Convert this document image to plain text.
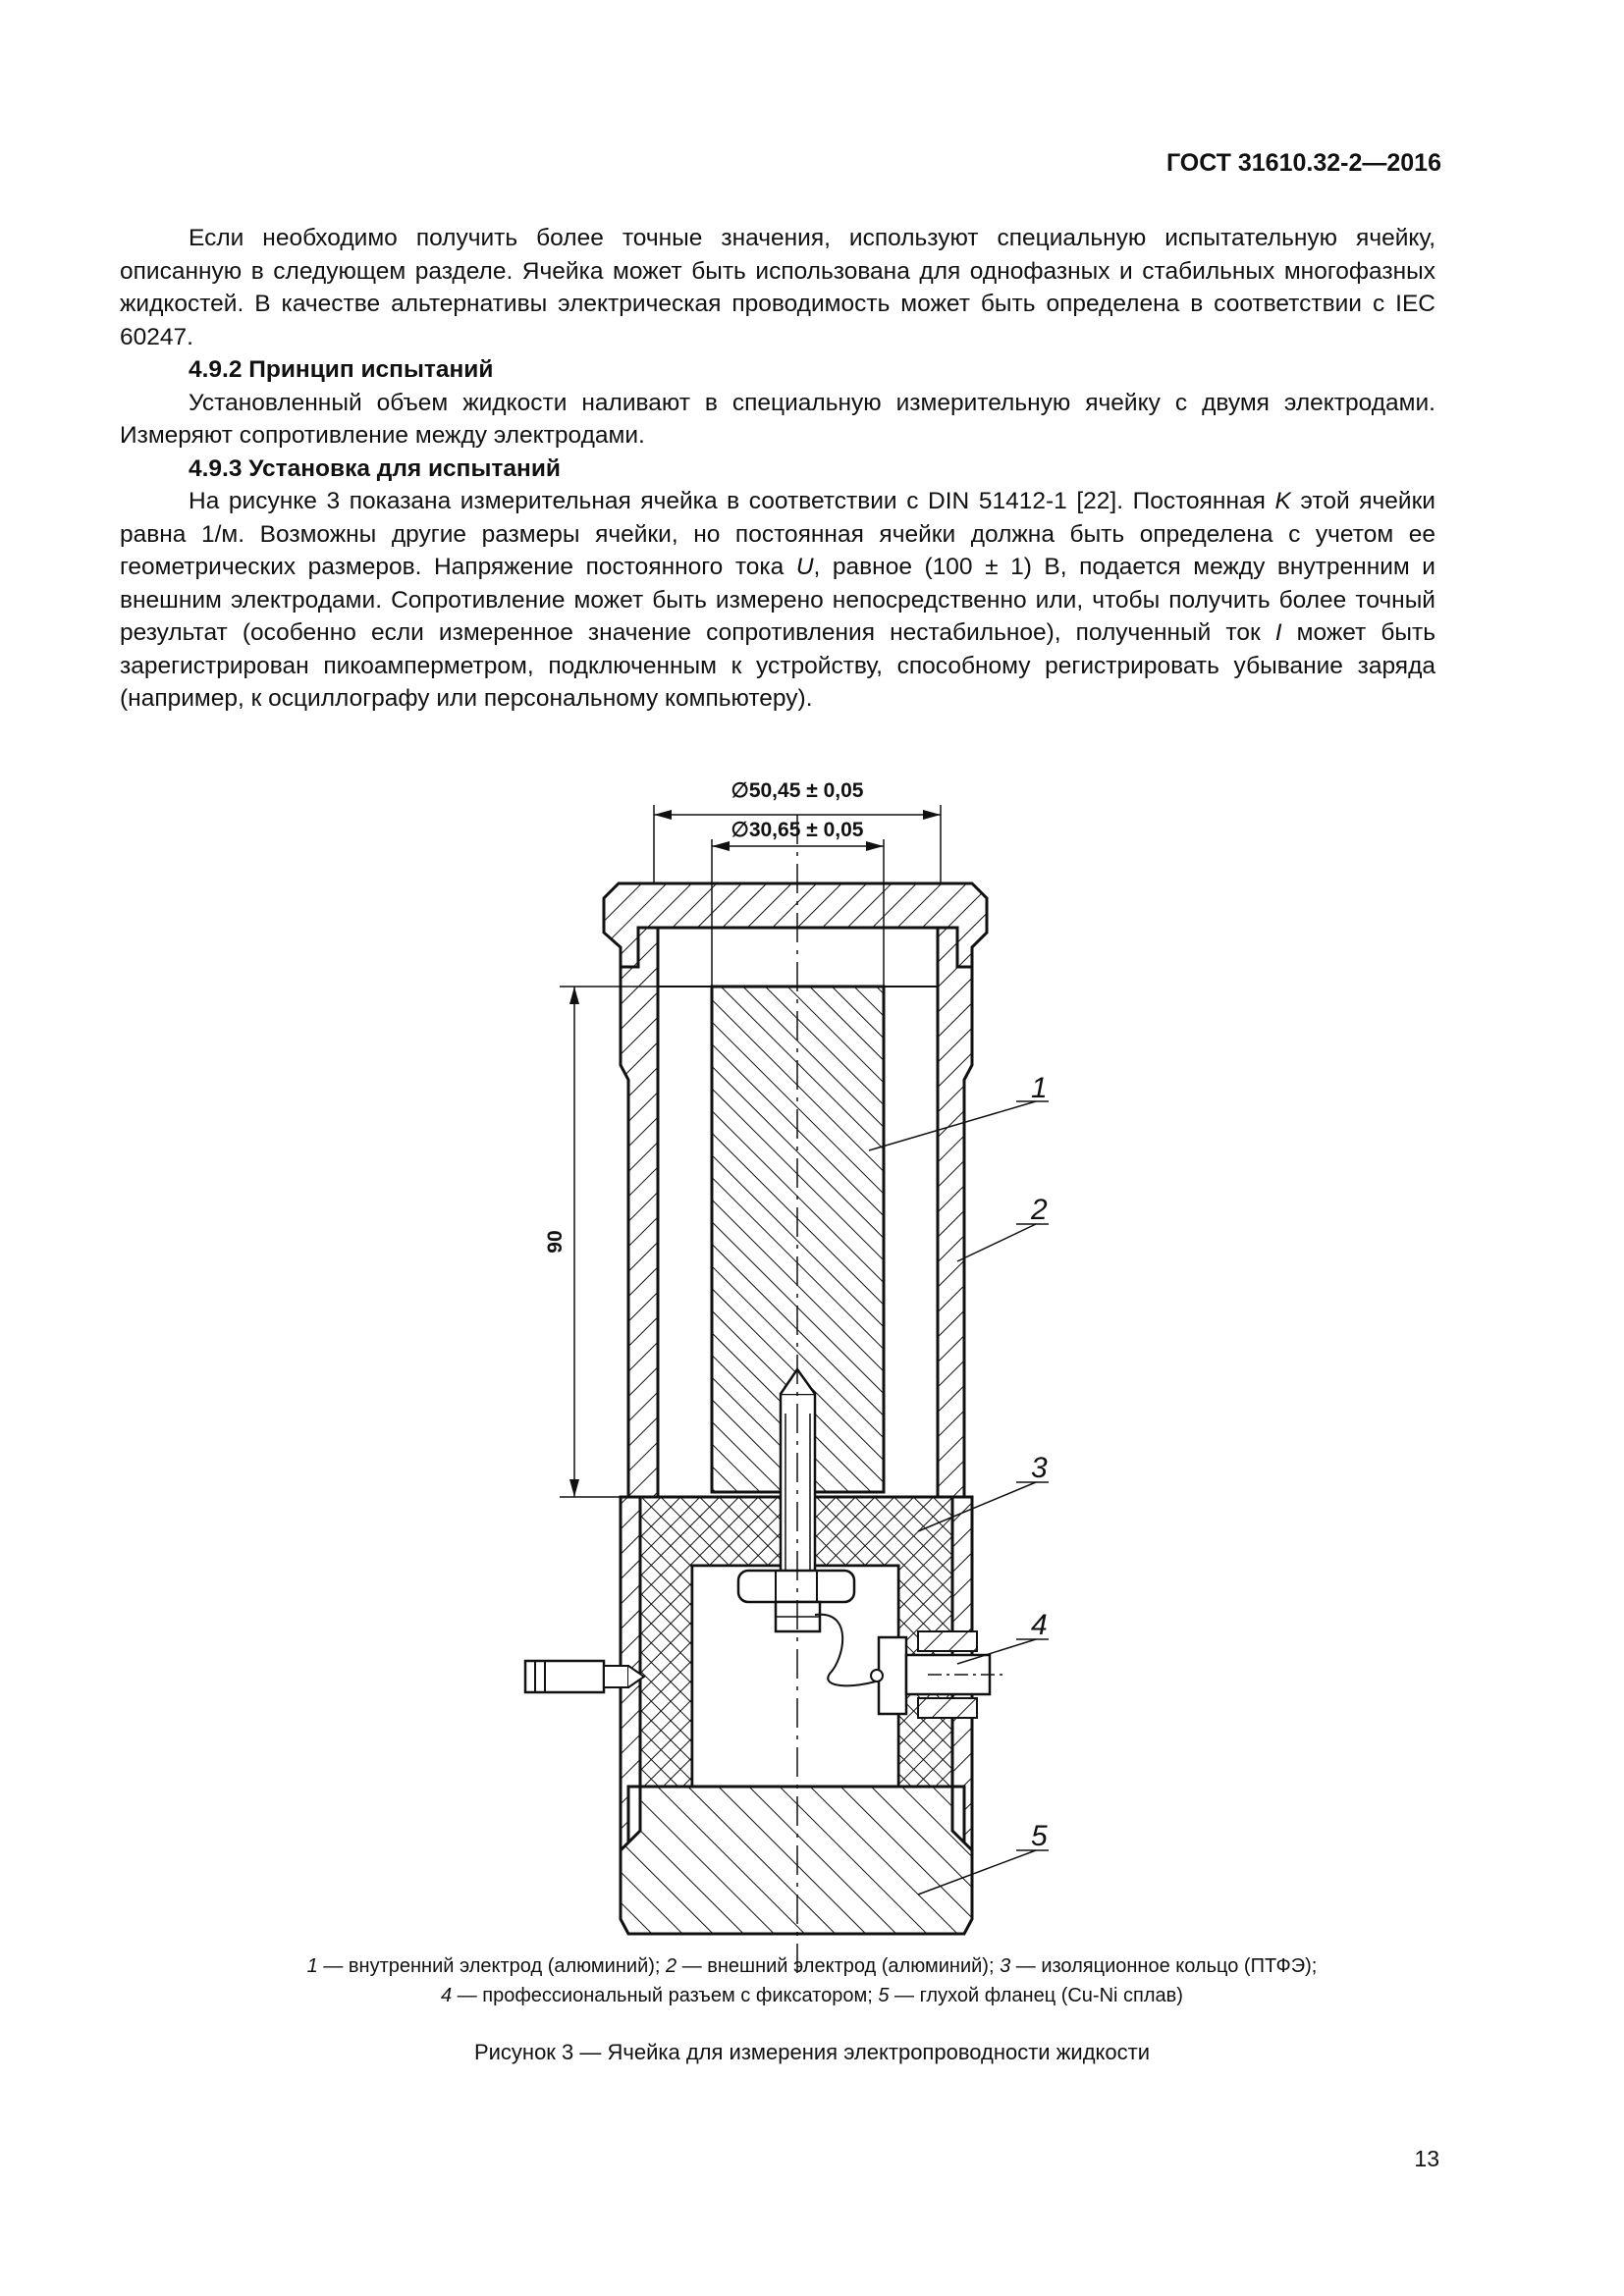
ГОСТ 31610.32-2—2016

Если необходимо получить более точные значения, используют специальную испытательную ячейку, описанную в следующем разделе. Ячейка может быть использована для однофазных и стабильных многофазных жидкостей. В качестве альтернативы электрическая проводимость может быть определена в соответствии с IEC 60247.

4.9.2 Принцип испытаний

Установленный объем жидкости наливают в специальную измерительную ячейку с двумя электродами. Измеряют сопротивление между электродами.

4.9.3 Установка для испытаний

На рисунке 3 показана измерительная ячейка в соответствии с DIN 51412-1 [22]. Постоянная K этой ячейки равна 1/м. Возможны другие размеры ячейки, но постоянная ячейки должна быть определена с учетом ее геометрических размеров. Напряжение постоянного тока U, равное (100 ± 1) В, подается между внутренним и внешним электродами. Сопротивление может быть измерено непосредственно или, чтобы получить более точный результат (особенно если измеренное значение сопротивления нестабильное), полученный ток I может быть зарегистрирован пикоамперметром, подключенным к устройству, способному регистрировать убывание заряда (например, к осциллографу или персональному компьютеру).

∅50,45 ± 0,05
∅30,65 ± 0,05
90
1
2
3
4
5
1 — внутренний электрод (алюминий); 2 — внешний электрод (алюминий); 3 — изоляционное кольцо (ПТФЭ);
4 — профессиональный разъем с фиксатором; 5 — глухой фланец (Cu-Ni сплав)
Рисунок 3 — Ячейка для измерения электропроводности жидкости
13
